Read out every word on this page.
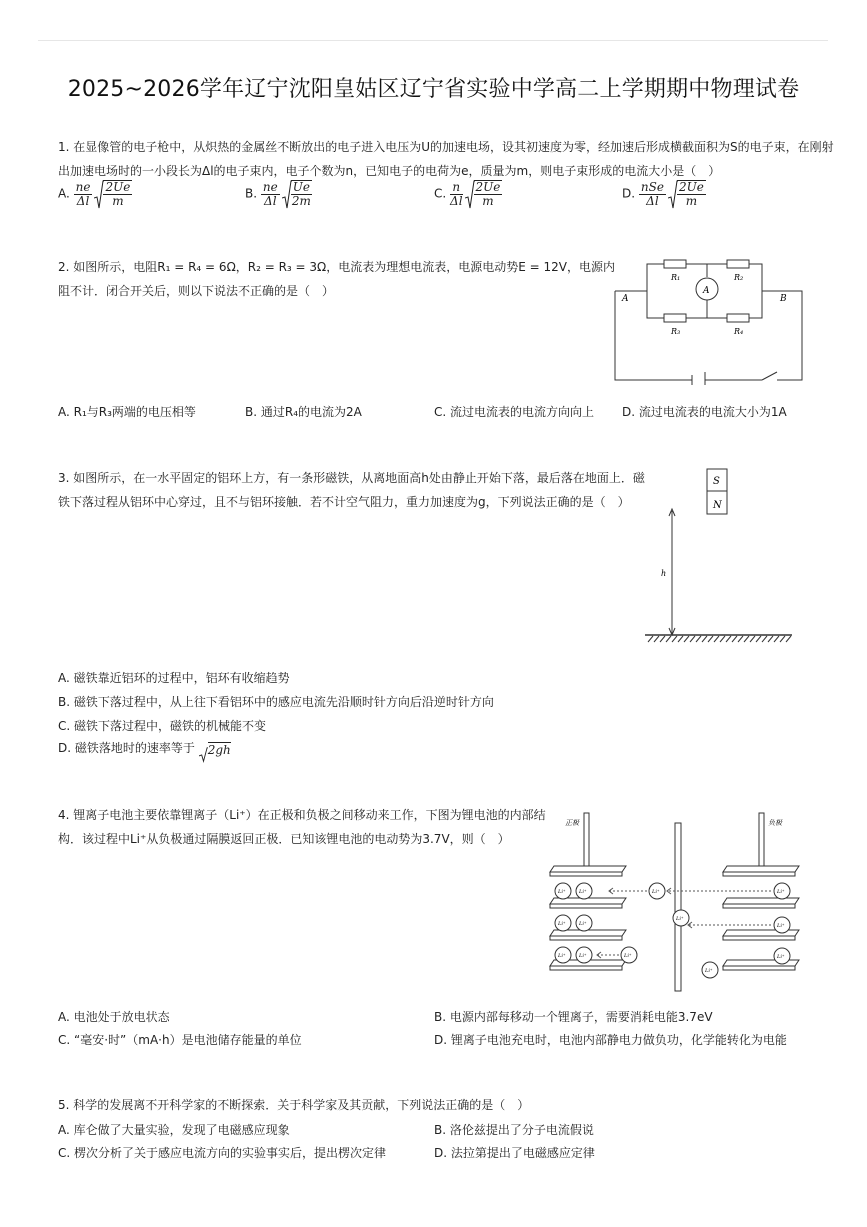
2025~2026学年辽宁沈阳皇姑区辽宁省实验中学高二上学期期中物理试卷
1. 在显像管的电子枪中，从炽热的金属丝不断放出的电子进入电压为U的加速电场，设其初速度为零，经加速后形成横截面积为S的电子束，在刚射
出加速电场时的一小段长为Δl的电子束内，电子个数为n，已知电子的电荷为e，质量为m，则电子束形成的电流大小是（　）
A. $\frac{ne}{\Delta l} \frac{2Ue}{m}$	B. $\frac{ne}{\Delta l} \frac{Ue}{2m}$	C. $\frac{n}{\Delta l} \frac{2Ue}{m}$	D. $\frac{\text{nSe}}{\Delta l} \frac{2Ue}{m}$
2. 如图所示，电阻R₁ = R₄ = 6Ω，R₂ = R₃ = 3Ω，电流表为理想电流表，电源电动势E = 12V，电源内
阻不计．闭合开关后，则以下说法不正确的是（　）
R₁	R₂
R₃	R₄
A
A	B
A. R₁与R₃两端的电压相等	B. 通过R₄的电流为2A	C. 流过电流表的电流方向向上 D. 流过电流表的电流大小为1A
3. 如图所示，在一水平固定的铝环上方，有一条形磁铁，从离地面高h处由静止开始下落，最后落在地面上．磁
铁下落过程从铝环中心穿过，且不与铝环接触．若不计空气阻力，重力加速度为g，下列说法正确的是（　）
S
N
h
A. 磁铁靠近铝环的过程中，铝环有收缩趋势
B. 磁铁下落过程中，从上往下看铝环中的感应电流先沿顺时针方向后沿逆时针方向
C. 磁铁下落过程中，磁铁的机械能不变
D. 磁铁落地时的速率等于 2gh
4. 锂离子电池主要依靠锂离子（Li⁺）在正极和负极之间移动来工作，下图为锂电池的内部结
构．该过程中Li⁺从负极通过隔膜返回正极．已知该锂电池的电动势为3.7V，则（　）
Li⁺	Li⁺	Li⁺	Li⁺
Li⁺	Li⁺
Li⁺
Li⁺
Li⁺	Li⁺	Li⁺	Li⁺
Li⁺
正极	负极
A. 电池处于放电状态	B. 电源内部每移动一个锂离子，需要消耗电能3.7eV
C. “毫安·时”（mA·h）是电池储存能量的单位	D. 锂离子电池充电时，电池内部静电力做负功，化学能转化为电能
5. 科学的发展离不开科学家的不断探索．关于科学家及其贡献，下列说法正确的是（　）
A. 库仑做了大量实验，发现了电磁感应现象	B. 洛伦兹提出了分子电流假说
C. 楞次分析了关于感应电流方向的实验事实后，提出楞次定律	D. 法拉第提出了电磁感应定律
